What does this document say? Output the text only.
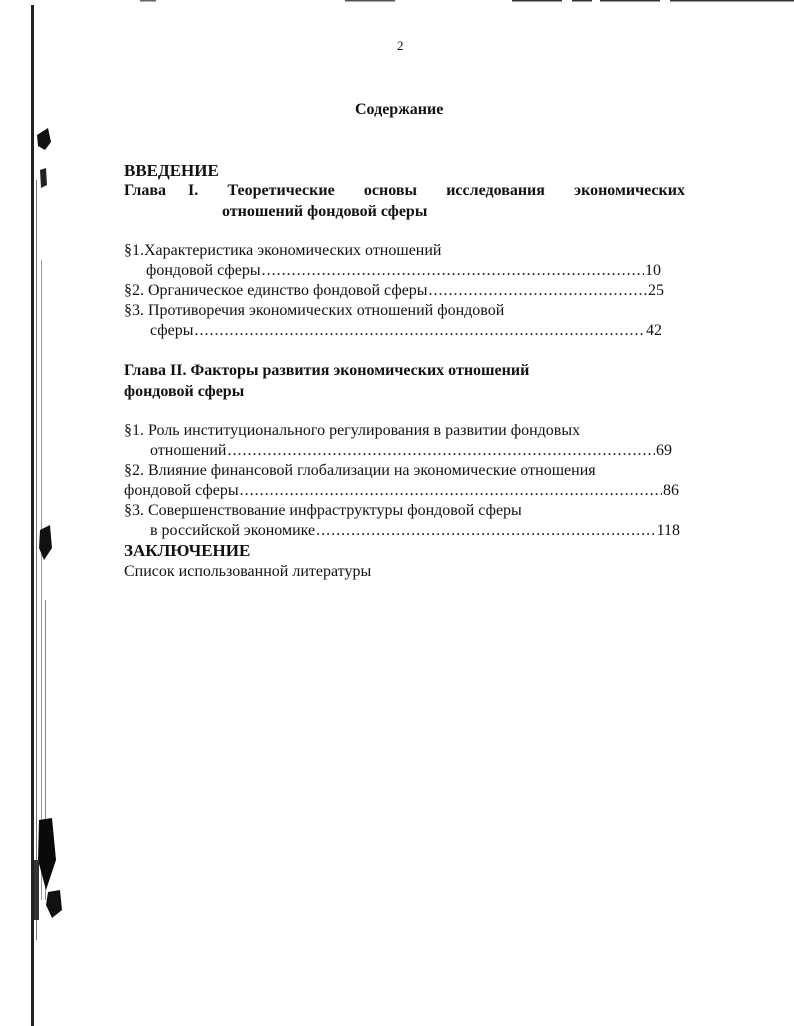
2
Содержание
ВВЕДЕНИЕ
Глава I. Теоретические основы исследования экономических
отношений фондовой сферы
§1.Характеристика экономических отношений
фондовой сферы .....	10
§2. Органическое единство фондовой сферы .....	25
§3. Противоречия экономических отношений фондовой
сферы .....	42
Глава II. Факторы развития экономических отношений
фондовой сферы
§1. Роль институционального регулирования в развитии фондовых
отношений .....	69
§2. Влияние финансовой глобализации на экономические отношения
фондовой сферы .....	86
§3. Совершенствование инфраструктуры фондовой сферы
в российской экономике .....	118
ЗАКЛЮЧЕНИЕ
Список использованной литературы
